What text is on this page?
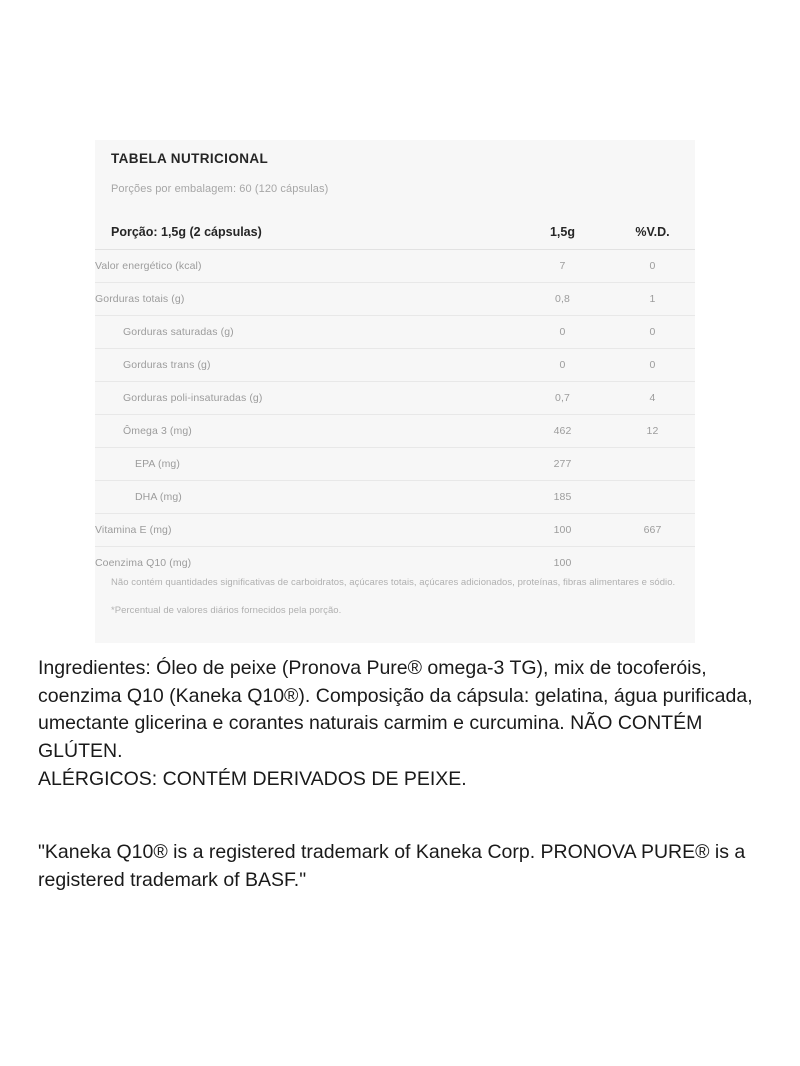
TABELA NUTRICIONAL
Porções por embalagem: 60 (120 cápsulas)
Porção: 1,5g (2 cápsulas)	1,5g	%V.D.
Valor energético (kcal)	7	0
Gorduras totais (g)	0,8	1
Gorduras saturadas (g)	0	0
Gorduras trans (g)	0	0
Gorduras poli-insaturadas (g)	0,7	4
Ômega 3 (mg)	462	12
EPA (mg)	277	
DHA (mg)	185	
Vitamina E (mg)	100	667
Coenzima Q10 (mg)	100	

Não contém quantidades significativas de carboidratos, açúcares totais, açúcares adicionados, proteínas, fibras alimentares e sódio.

*Percentual de valores diários fornecidos pela porção.

Ingredientes: Óleo de peixe (Pronova Pure® omega-3 TG), mix de tocoferóis, coenzima Q10 (Kaneka Q10®). Composição da cápsula: gelatina, água purificada, umectante glicerina e corantes naturais carmim e curcumina. NÃO CONTÉM GLÚTEN.

ALÉRGICOS: CONTÉM DERIVADOS DE PEIXE.

"Kaneka Q10® is a registered trademark of Kaneka Corp. PRONOVA PURE® is a registered trademark of BASF."
